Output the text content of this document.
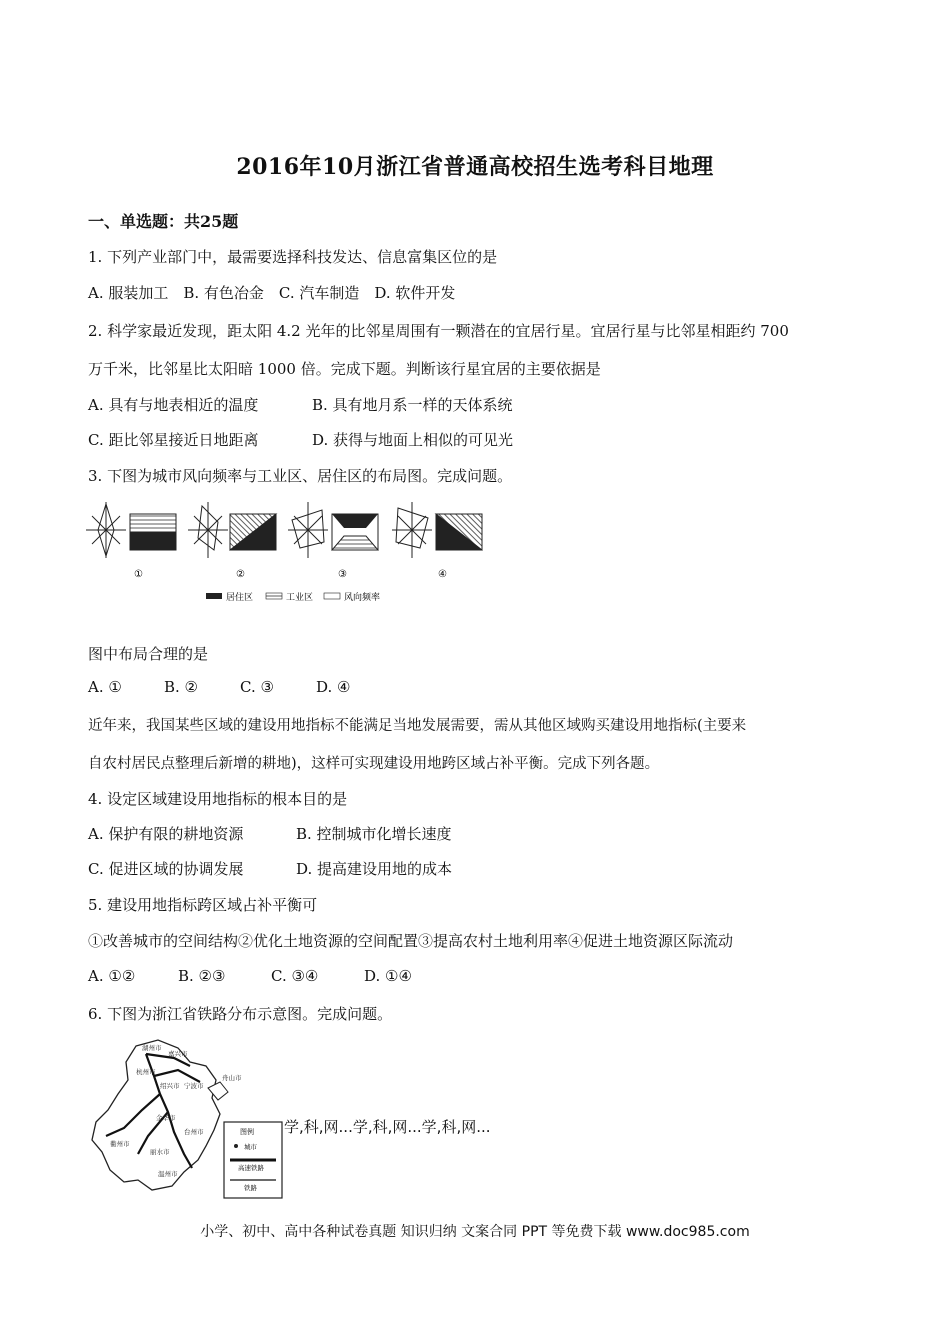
2016年10月浙江省普通高校招生选考科目地理
一、单选题：共25题
1. 下列产业部门中，最需要选择科技发达、信息富集区位的是
A. 服装加工　B. 有色冶金　C. 汽车制造　D. 软件开发
2. 科学家最近发现，距太阳 4.2 光年的比邻星周围有一颗潜在的宜居行星。宜居行星与比邻星相距约 700
万千米，比邻星比太阳暗 1000 倍。完成下题。判断该行星宜居的主要依据是
A. 具有与地表相近的温度	B. 具有地月系一样的天体系统
C. 距比邻星接近日地距离	D. 获得与地面上相似的可见光
3. 下图为城市风向频率与工业区、居住区的布局图。完成问题。
①	②	③	④
居住区	工业区	风向频率
图中布局合理的是
A. ①	B. ②	C. ③	D. ④
近年来，我国某些区域的建设用地指标不能满足当地发展需要，需从其他区域购买建设用地指标(主要来
自农村居民点整理后新增的耕地)，这样可实现建设用地跨区域占补平衡。完成下列各题。
4. 设定区域建设用地指标的根本目的是
A. 保护有限的耕地资源	B. 控制城市化增长速度
C. 促进区域的协调发展	D. 提高建设用地的成本
5. 建设用地指标跨区域占补平衡可
①改善城市的空间结构②优化土地资源的空间配置③提高农村土地利用率④促进土地资源区际流动
A. ①②	B. ②③	C. ③④	D. ①④
6. 下图为浙江省铁路分布示意图。完成问题。
湖州市
嘉兴市
杭州市
舟山市
宁波市
绍兴市
金华市
台州市
衢州市
丽水市
温州市
图例
城市
高速铁路
铁路
学,科,网...学,科,网...学,科,网...
小学、初中、高中各种试卷真题 知识归纳 文案合同 PPT 等免费下载 www.doc985.com
